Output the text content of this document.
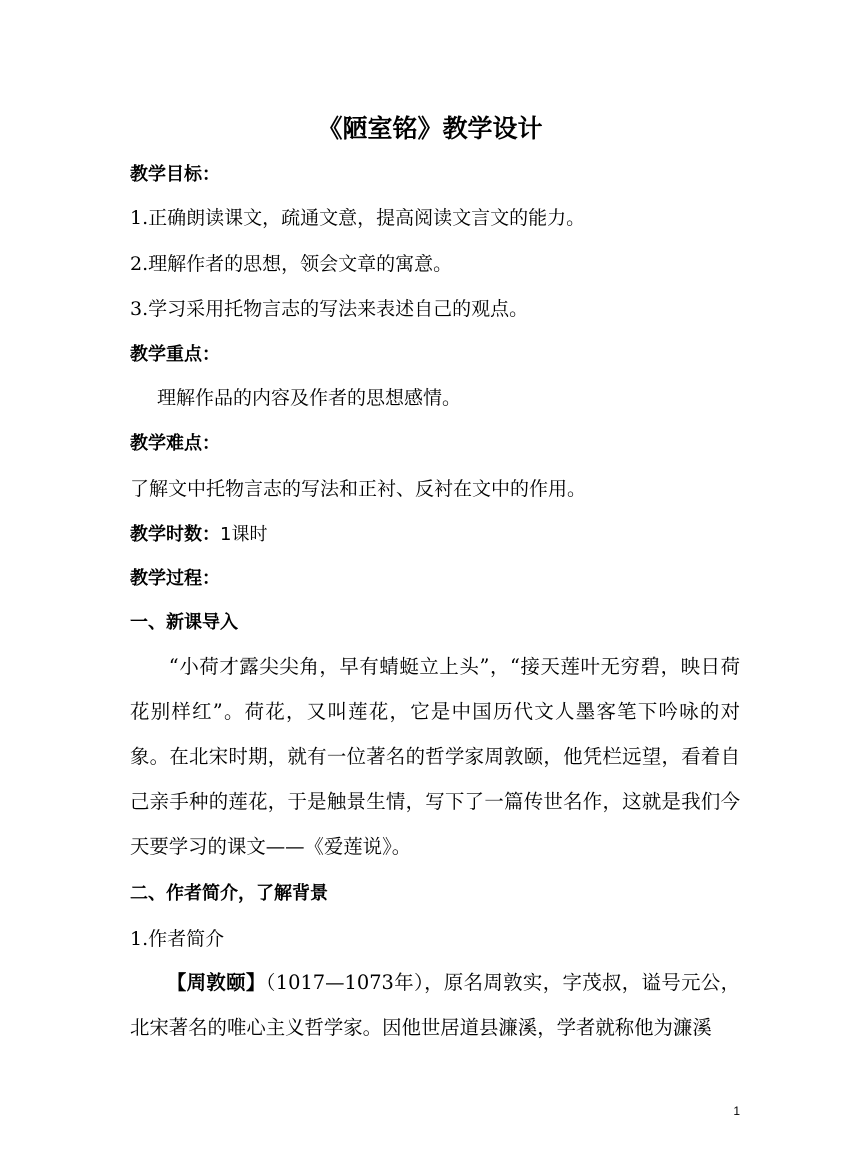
《陋室铭》教学设计
教学目标：
1.正确朗读课文，疏通文意，提高阅读文言文的能力。
2.理解作者的思想，领会文章的寓意。
3.学习采用托物言志的写法来表述自己的观点。
教学重点：
理解作品的内容及作者的思想感情。
教学难点：
了解文中托物言志的写法和正衬、反衬在文中的作用。
教学时数：1课时
教学过程：
一、新课导入
“小荷才露尖尖角，早有蜻蜓立上头”，“接天莲叶无穷碧，映日荷花别样红”。荷花，又叫莲花，它是中国历代文人墨客笔下吟咏的对象。在北宋时期，就有一位著名的哲学家周敦颐，他凭栏远望，看着自己亲手种的莲花，于是触景生情，写下了一篇传世名作，这就是我们今天要学习的课文——《爱莲说》。
二、作者简介，了解背景
1.作者简介
【周敦颐】（1017—1073年），原名周敦实，字茂叔，谥号元公，北宋著名的唯心主义哲学家。因他世居道县濂溪，学者就称他为濂溪
1
